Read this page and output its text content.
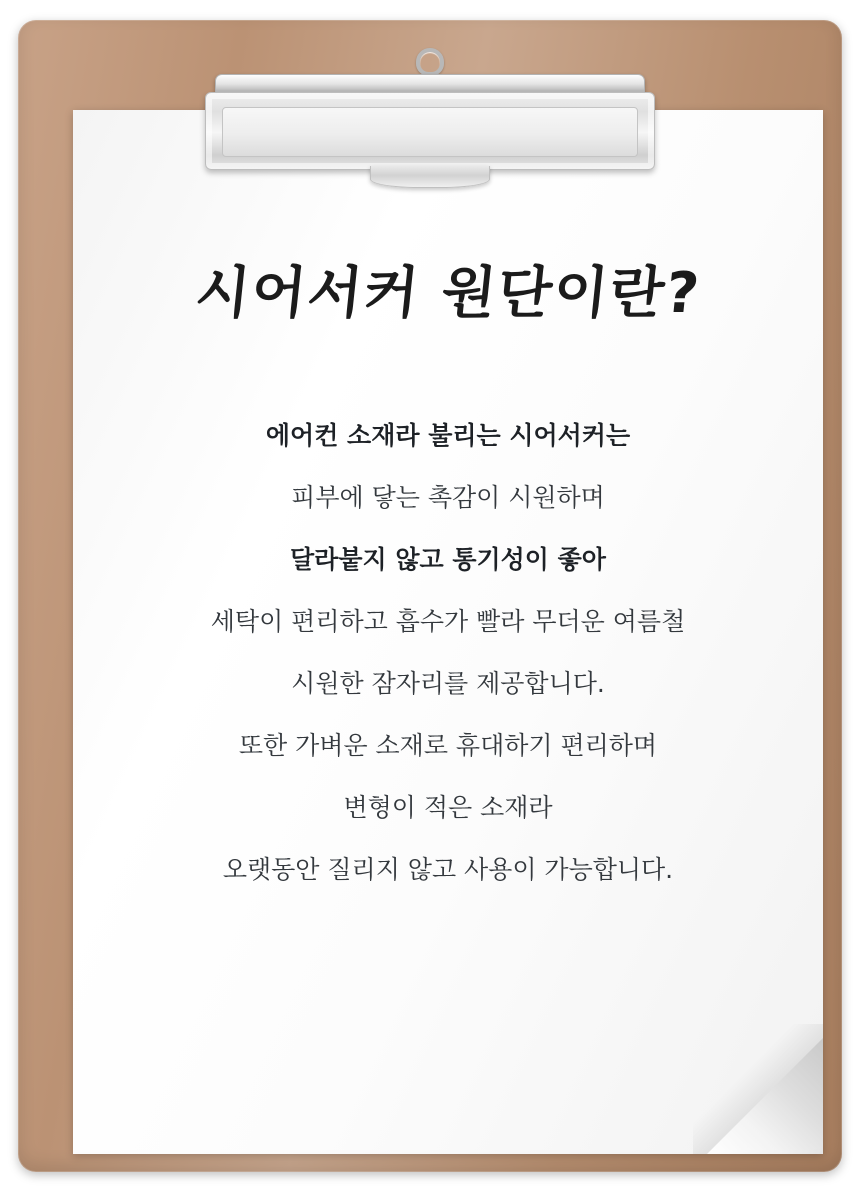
시어서커 원단이란?
에어컨 소재라 불리는 시어서커는
피부에 닿는 촉감이 시원하며
달라붙지 않고 통기성이 좋아
세탁이 편리하고 흡수가 빨라 무더운 여름철
시원한 잠자리를 제공합니다.
또한 가벼운 소재로 휴대하기 편리하며
변형이 적은 소재라
오랫동안 질리지 않고 사용이 가능합니다.
